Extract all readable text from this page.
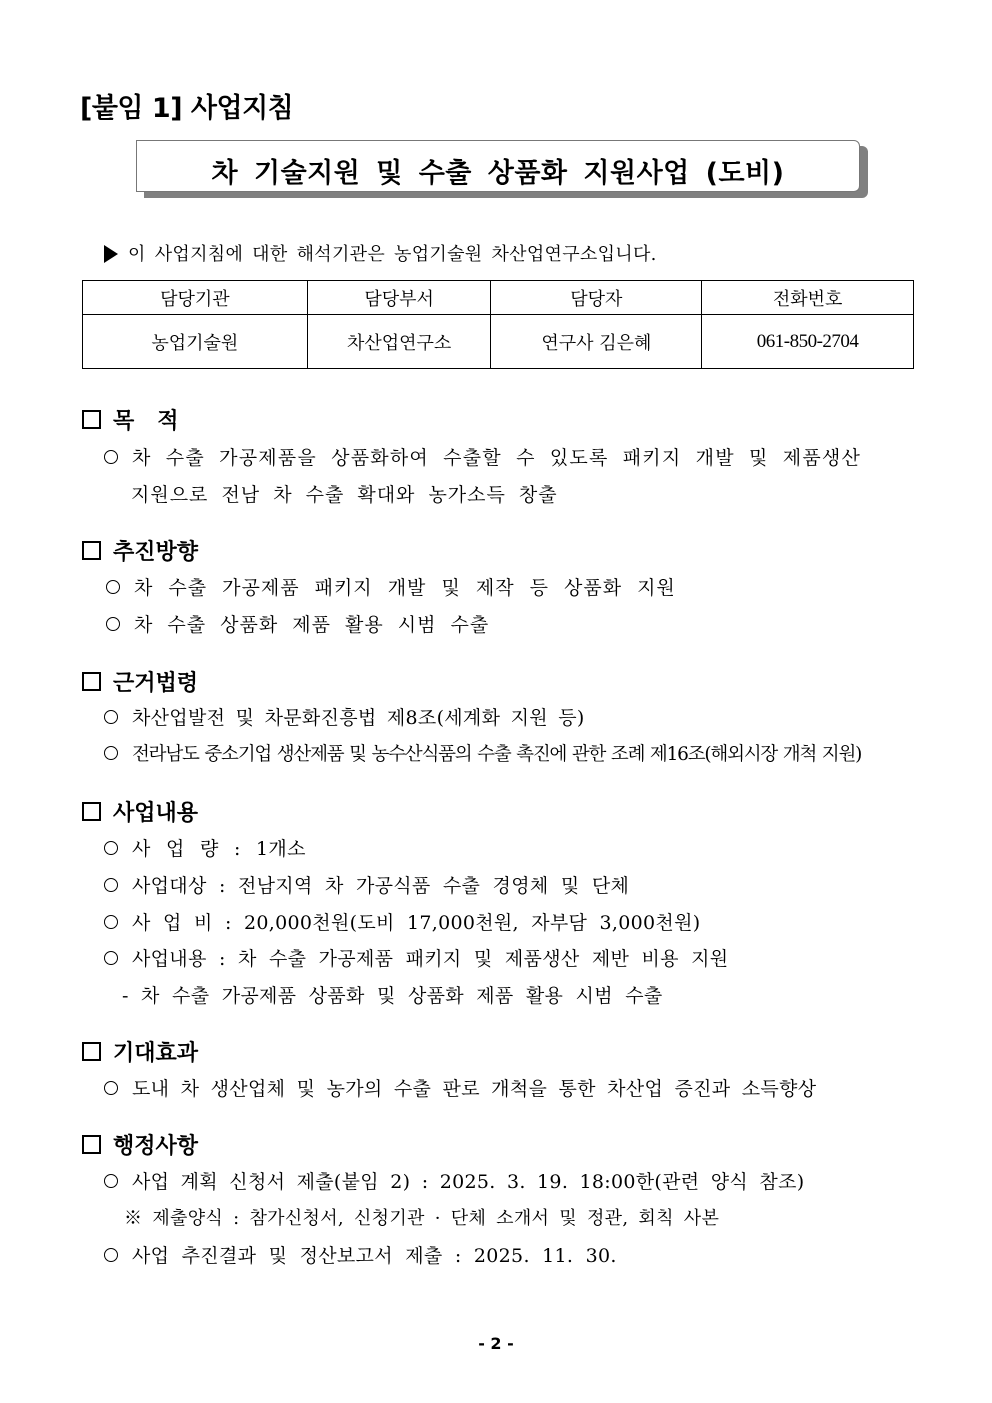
[붙임 1] 사업지침
차 기술지원 및 수출 상품화 지원사업 (도비)
이 사업지침에 대한 해석기관은 농업기술원 차산업연구소입니다.
담당기관	담당부서	담당자	전화번호
농업기술원	차산업연구소	연구사 김은혜	061-850-2704
목   적
차 수출 가공제품을 상품화하여 수출할 수 있도록 패키지 개발 및 제품생산
지원으로 전남 차 수출 확대와 농가소득 창출
추진방향
차 수출 가공제품 패키지 개발 및 제작 등 상품화 지원
차 수출 상품화 제품 활용 시범 수출
근거법령
차산업발전 및 차문화진흥법 제8조(세계화 지원 등)
전라남도 중소기업 생산제품 및 농수산식품의 수출 촉진에 관한 조례 제16조(해외시장 개척 지원)
사업내용
사 업 량 : 1개소
사업대상 : 전남지역 차 가공식품 수출 경영체 및 단체
사 업 비 : 20,000천원(도비 17,000천원, 자부담 3,000천원)
사업내용 : 차 수출 가공제품 패키지 및 제품생산 제반 비용 지원
- 차 수출 가공제품 상품화 및 상품화 제품 활용 시범 수출
기대효과
도내 차 생산업체 및 농가의 수출 판로 개척을 통한 차산업 증진과 소득향상
행정사항
사업 계획 신청서 제출(붙임 2) : 2025. 3. 19. 18:00한(관련 양식 참조)
※ 제출양식 : 참가신청서, 신청기관 · 단체 소개서 및 정관, 회칙 사본
사업 추진결과 및 정산보고서 제출 : 2025. 11. 30.
- 2 -
